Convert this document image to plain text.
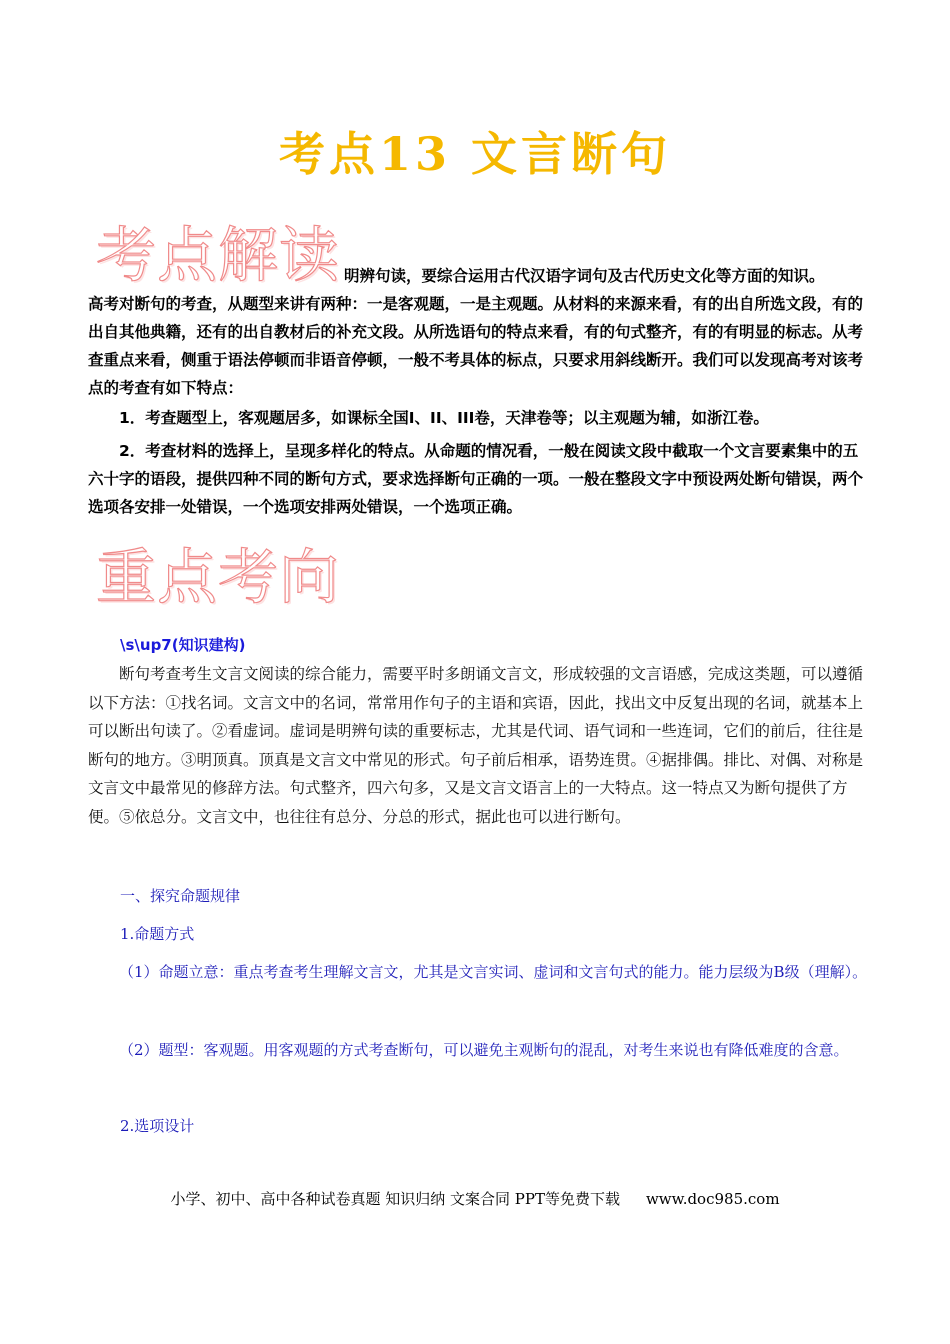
考点13 文言断句
考点解读 明辨句读，要综合运用古代汉语字词句及古代历史文化等方面的知识。
高考对断句的考查，从题型来讲有两种：一是客观题，一是主观题。从材料的来源来看，有的出自所选文段，有的出自其他典籍，还有的出自教材后的补充文段。从所选语句的特点来看，有的句式整齐，有的有明显的标志。从考查重点来看，侧重于语法停顿而非语音停顿，一般不考具体的标点，只要求用斜线断开。我们可以发现高考对该考点的考查有如下特点：

1．考查题型上，客观题居多，如课标全国I、II、III卷，天津卷等；以主观题为辅，如浙江卷。

2．考查材料的选择上，呈现多样化的特点。从命题的情况看，一般在阅读文段中截取一个文言要素集中的五六十字的语段，提供四种不同的断句方式，要求选择断句正确的一项。一般在整段文字中预设两处断句错误，两个选项各安排一处错误，一个选项安排两处错误，一个选项正确。

重点考向
\s\up7(知识建构)

断句考查考生文言文阅读的综合能力，需要平时多朗诵文言文，形成较强的文言语感，完成这类题，可以遵循以下方法：①找名词。文言文中的名词，常常用作句子的主语和宾语，因此，找出文中反复出现的名词，就基本上可以断出句读了。②看虚词。虚词是明辨句读的重要标志，尤其是代词、语气词和一些连词，它们的前后，往往是断句的地方。③明顶真。顶真是文言文中常见的形式。句子前后相承，语势连贯。④据排偶。排比、对偶、对称是文言文中最常见的修辞方法。句式整齐，四六句多，又是文言文语言上的一大特点。这一特点又为断句提供了方便。⑤依总分。文言文中，也往往有总分、分总的形式，据此也可以进行断句。

一、探究命题规律

1.命题方式

（1）命题立意：重点考查考生理解文言文，尤其是文言实词、虚词和文言句式的能力。能力层级为B级（理解）。

（2）题型：客观题。用客观题的方式考查断句，可以避免主观断句的混乱，对考生来说也有降低难度的含意。

2.选项设计

小学、初中、高中各种试卷真题 知识归纳 文案合同 PPT等免费下载 www.doc985.com
